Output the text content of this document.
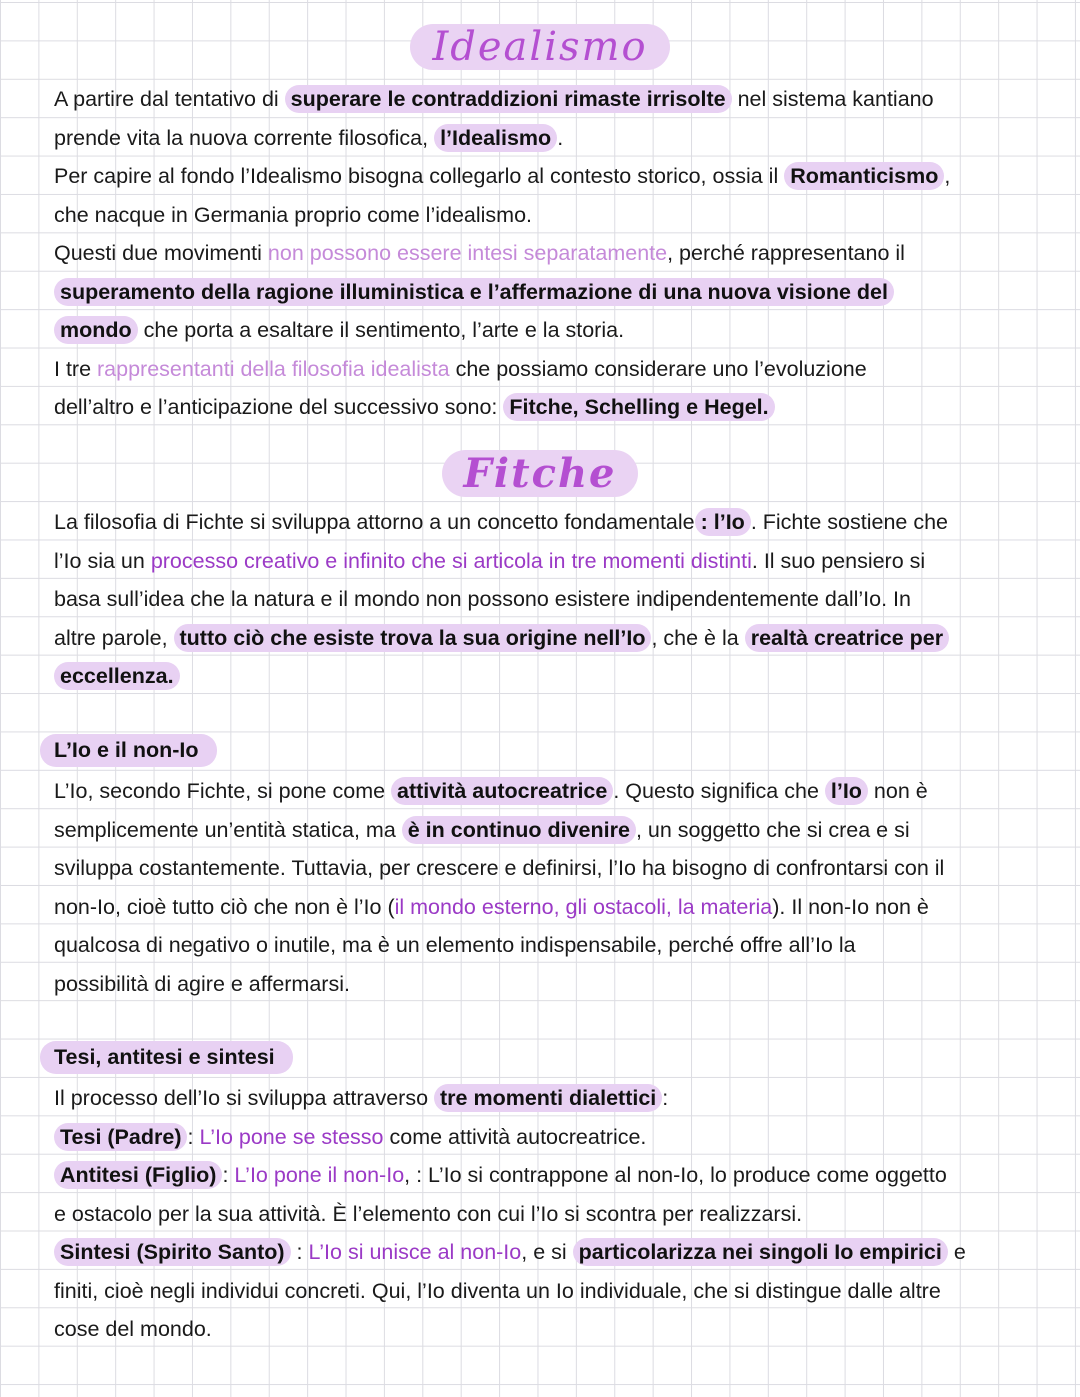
Idealismo
A partire dal tentativo di superare le contraddizioni rimaste irrisolte nel sistema kantiano
prende vita la nuova corrente filosofica, l’Idealismo .
Per capire al fondo l’Idealismo bisogna collegarlo al contesto storico, ossia il Romanticismo ,
che nacque in Germania proprio come l’idealismo.
Questi due movimenti non possono essere intesi separatamente, perché rappresentano il
superamento della ragione illuministica e l’affermazione di una nuova visione del
mondo che porta a esaltare il sentimento, l’arte e la storia.
I tre rappresentanti della filosofia idealista che possiamo considerare uno l’evoluzione
dell’altro e l’anticipazione del successivo sono: Fitche, Schelling e Hegel.
Fitche
La filosofia di Fichte si sviluppa attorno a un concetto fondamentale : l’Io . Fichte sostiene che
l’Io sia un processo creativo e infinito che si articola in tre momenti distinti. Il suo pensiero si
basa sull’idea che la natura e il mondo non possono esistere indipendentemente dall’Io. In
altre parole, tutto ciò che esiste trova la sua origine nell’Io , che è la realtà creatrice per
eccellenza.
L’Io e il non-Io
L’Io, secondo Fichte, si pone come attività autocreatrice . Questo significa che l’Io non è
semplicemente un’entità statica, ma è in continuo divenire , un soggetto che si crea e si
sviluppa costantemente. Tuttavia, per crescere e definirsi, l’Io ha bisogno di confrontarsi con il
non-Io, cioè tutto ciò che non è l’Io (il mondo esterno, gli ostacoli, la materia). Il non-Io non è
qualcosa di negativo o inutile, ma è un elemento indispensabile, perché offre all’Io la
possibilità di agire e affermarsi.
Tesi, antitesi e sintesi
Il processo dell’Io si sviluppa attraverso tre momenti dialettici :
Tesi (Padre) : L’Io pone se stesso come attività autocreatrice.
Antitesi (Figlio) : L’Io pone il non-Io, : L’Io si contrappone al non-Io, lo produce come oggetto
e ostacolo per la sua attività. È l’elemento con cui l’Io si scontra per realizzarsi.
Sintesi (Spirito Santo) : L’Io si unisce al non-Io, e si particolarizza nei singoli Io empirici e
finiti, cioè negli individui concreti. Qui, l’Io diventa un Io individuale, che si distingue dalle altre
cose del mondo.
